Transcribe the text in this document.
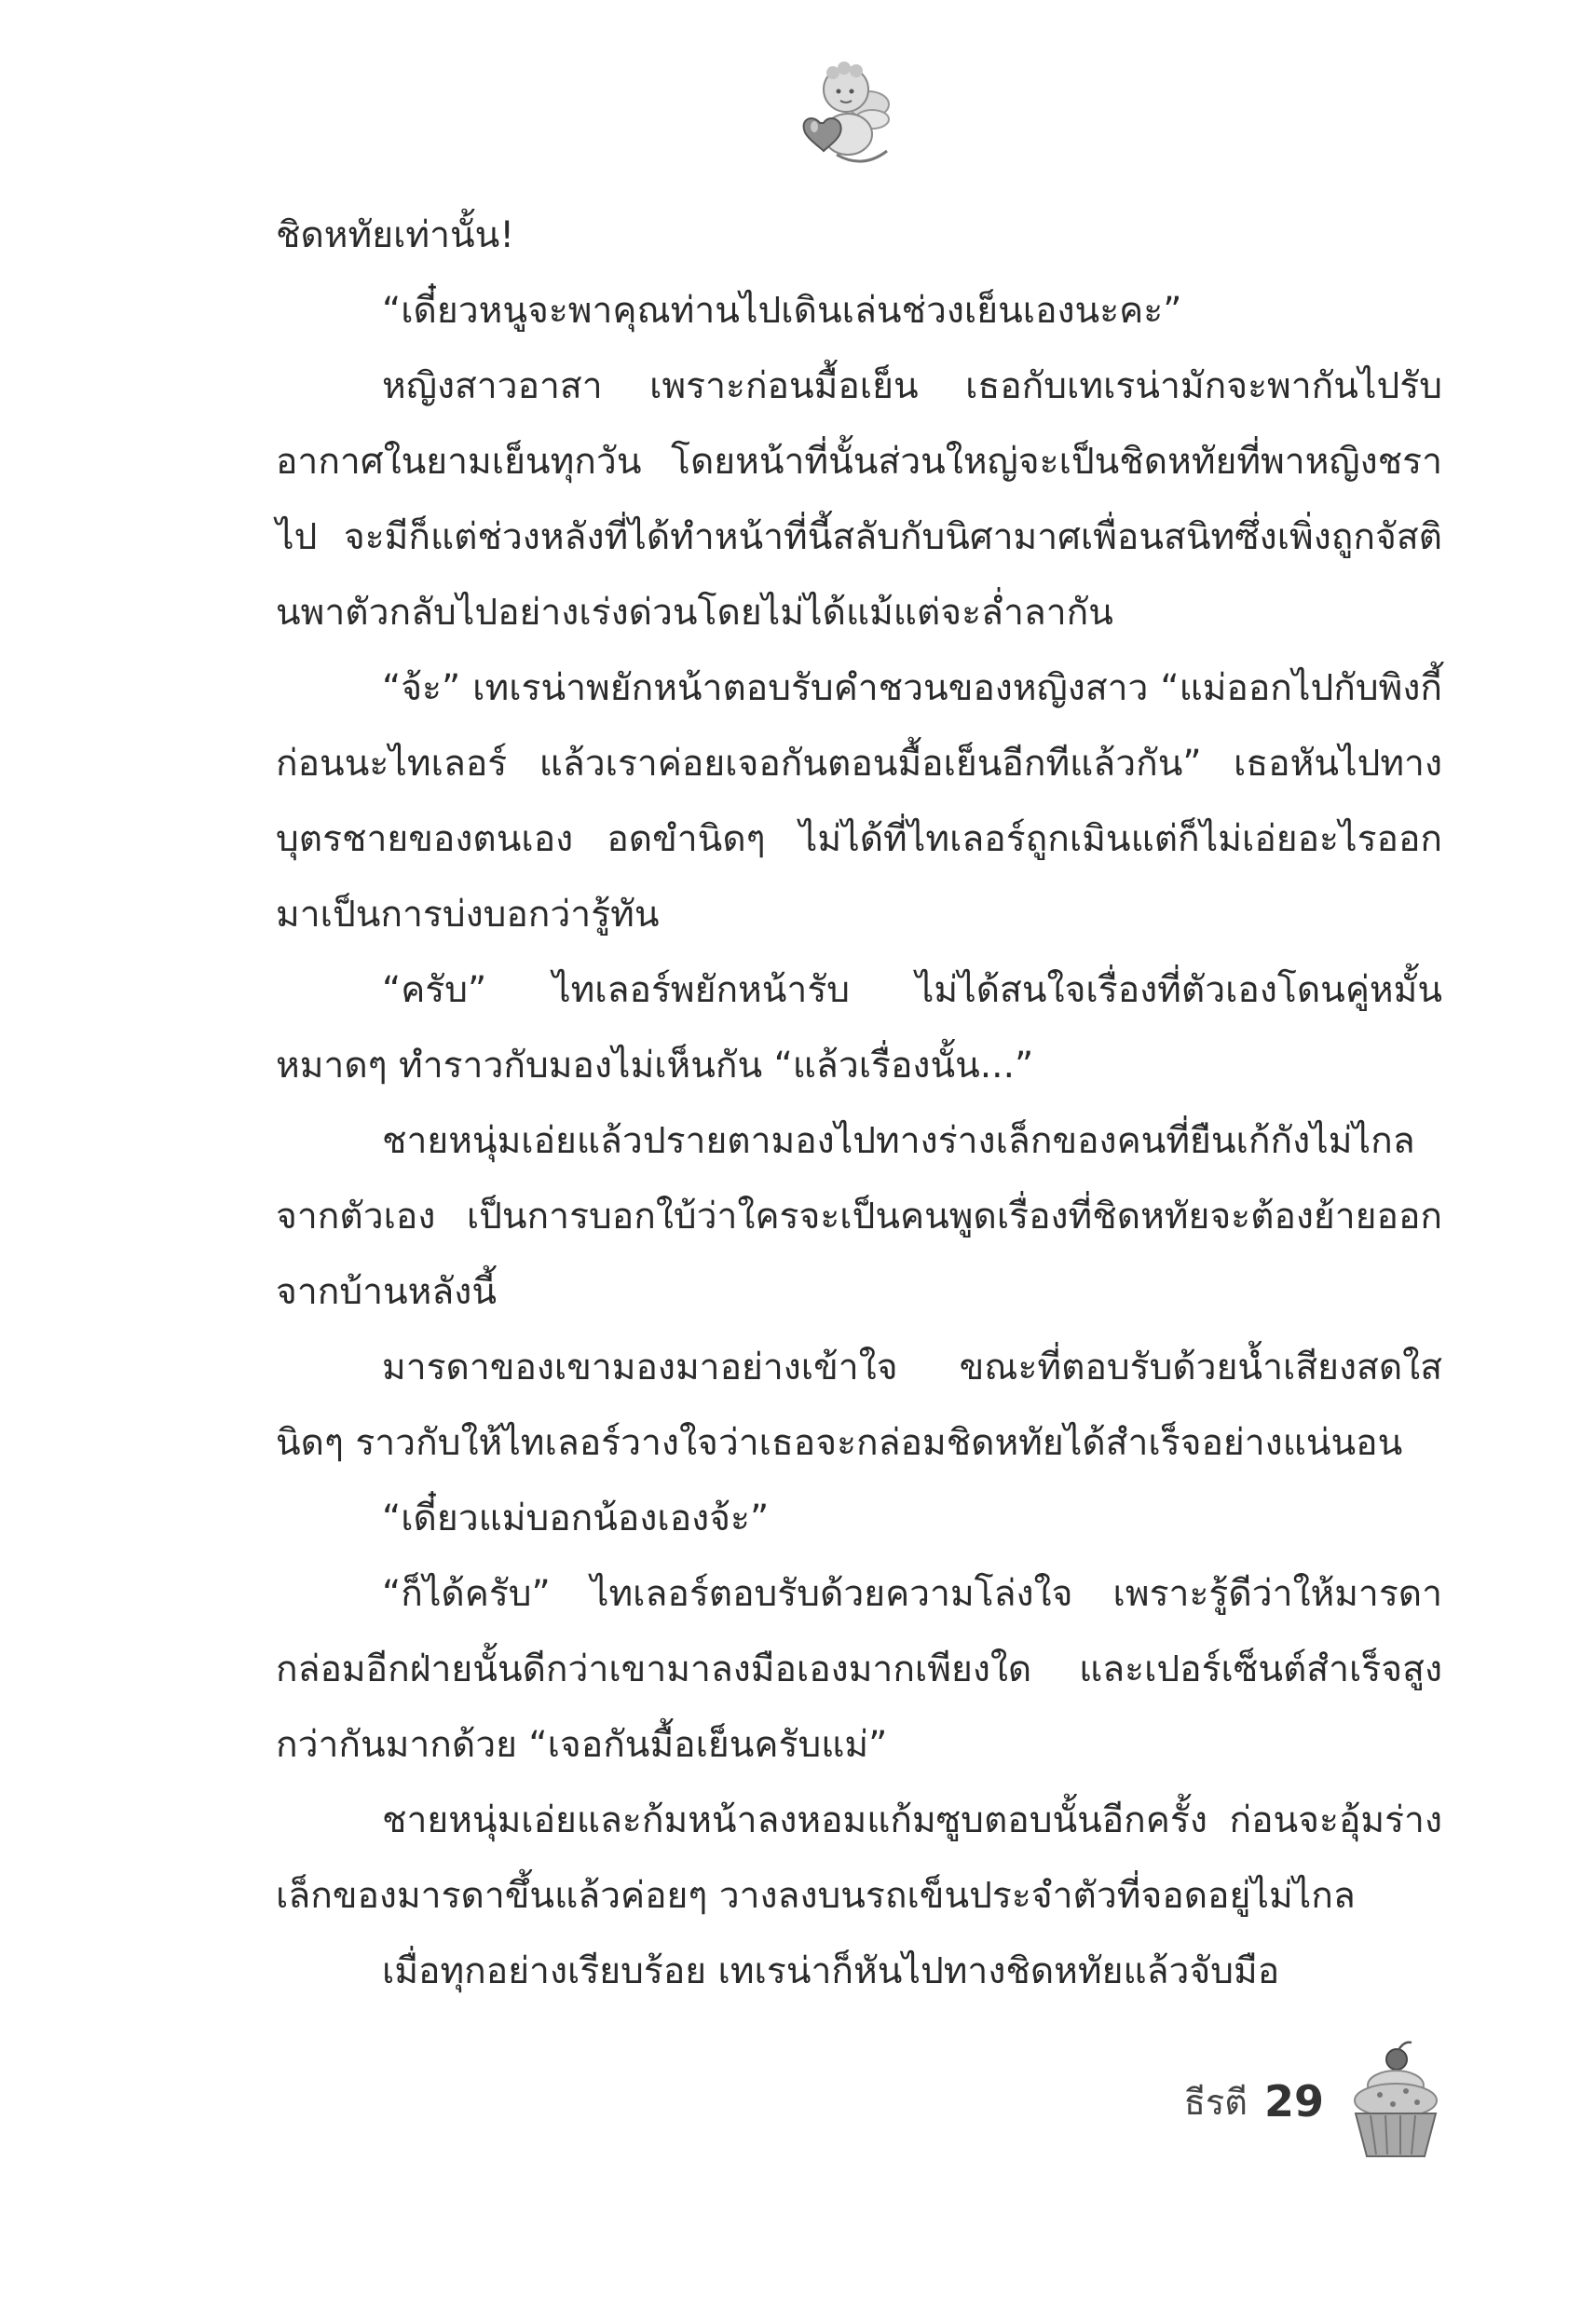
ชิดหทัยเท่านั้น!

“เดี๋ยวหนูจะพาคุณท่านไปเดินเล่นช่วงเย็นเองนะคะ”

หญิงสาวอาสา เพราะก่อนมื้อเย็น เธอกับเทเรน่ามักจะพากันไปรับอากาศในยามเย็นทุกวัน โดยหน้าที่นั้นส่วนใหญ่จะเป็นชิดหทัยที่พาหญิงชราไป จะมีก็แต่ช่วงหลังที่ได้ทำหน้าที่นี้สลับกับนิศามาศเพื่อนสนิทซึ่งเพิ่งถูกจัสตินพาตัวกลับไปอย่างเร่งด่วนโดยไม่ได้แม้แต่จะล่ำลากัน

“จ้ะ” เทเรน่าพยักหน้าตอบรับคำชวนของหญิงสาว “แม่ออกไปกับพิงกี้ก่อนนะไทเลอร์ แล้วเราค่อยเจอกันตอนมื้อเย็นอีกทีแล้วกัน” เธอหันไปทางบุตรชายของตนเอง อดขำนิดๆ ไม่ได้ที่ไทเลอร์ถูกเมินแต่ก็ไม่เอ่ยอะไรออกมาเป็นการบ่งบอกว่ารู้ทัน

“ครับ” ไทเลอร์พยักหน้ารับ ไม่ได้สนใจเรื่องที่ตัวเองโดนคู่หมั้นหมาดๆ ทำราวกับมองไม่เห็นกัน “แล้วเรื่องนั้น...”

ชายหนุ่มเอ่ยแล้วปรายตามองไปทางร่างเล็กของคนที่ยืนเก้กังไม่ไกลจากตัวเอง เป็นการบอกใบ้ว่าใครจะเป็นคนพูดเรื่องที่ชิดหทัยจะต้องย้ายออกจากบ้านหลังนี้

มารดาของเขามองมาอย่างเข้าใจ ขณะที่ตอบรับด้วยน้ำเสียงสดใสนิดๆ ราวกับให้ไทเลอร์วางใจว่าเธอจะกล่อมชิดหทัยได้สำเร็จอย่างแน่นอน

“เดี๋ยวแม่บอกน้องเองจ้ะ”

“ก็ได้ครับ” ไทเลอร์ตอบรับด้วยความโล่งใจ เพราะรู้ดีว่าให้มารดากล่อมอีกฝ่ายนั้นดีกว่าเขามาลงมือเองมากเพียงใด และเปอร์เซ็นต์สำเร็จสูงกว่ากันมากด้วย “เจอกันมื้อเย็นครับแม่”

ชายหนุ่มเอ่ยและก้มหน้าลงหอมแก้มซูบตอบนั้นอีกครั้ง ก่อนจะอุ้มร่างเล็กของมารดาขึ้นแล้วค่อยๆ วางลงบนรถเข็นประจำตัวที่จอดอยู่ไม่ไกล

เมื่อทุกอย่างเรียบร้อย เทเรน่าก็หันไปทางชิดหทัยแล้วจับมือ

ธีรตี 29
